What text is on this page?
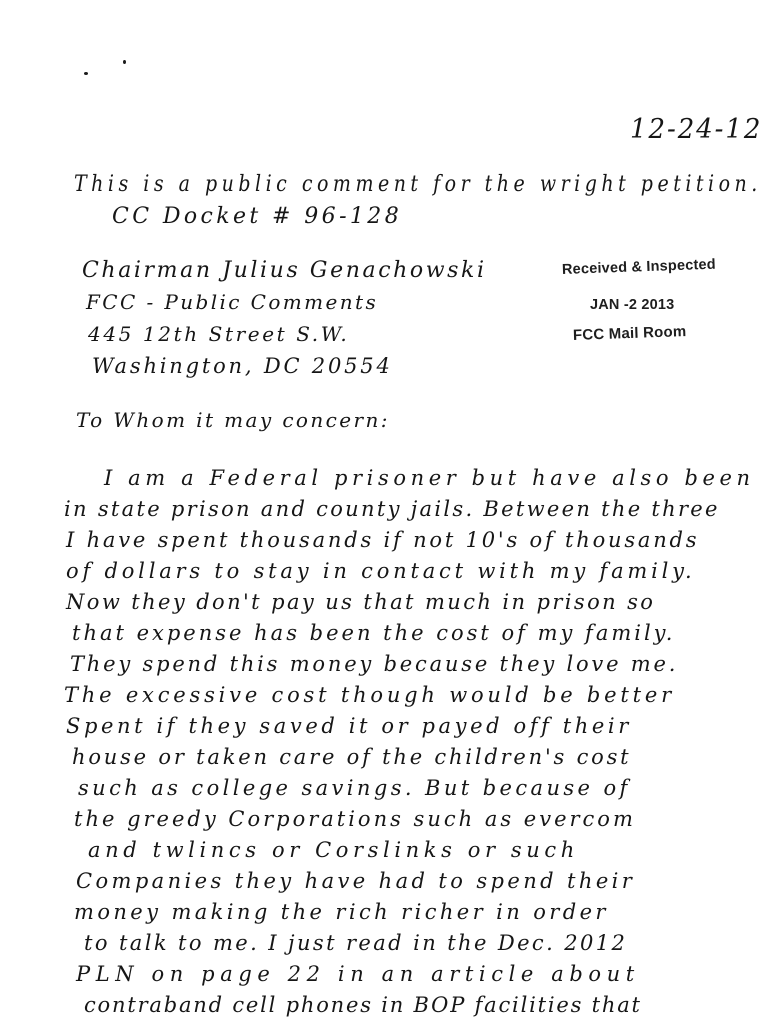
12-24-12
This is a public comment for the wright petition.
CC Docket # 96-128
Chairman Julius Genachowski
FCC - Public Comments
445 12th Street S.W.
Washington, DC 20554
Received & Inspected
JAN -2 2013
FCC Mail Room
To Whom it may concern:
I am a Federal prisoner but have also been
in state prison and county jails. Between the three
I have spent thousands if not 10's of thousands
of dollars to stay in contact with my family.
Now they don't pay us that much in prison so
that expense has been the cost of my family.
They spend this money because they love me.
The excessive cost though would be better
Spent if they saved it or payed off their
house or taken care of the children's cost
such as college savings. But because of
the greedy Corporations such as evercom
and twlincs or Corslinks or such
Companies they have had to spend their
money making the rich richer in order
to talk to me. I just read in the Dec. 2012
PLN on page 22 in an article about
contraband cell phones in BOP facilities that
